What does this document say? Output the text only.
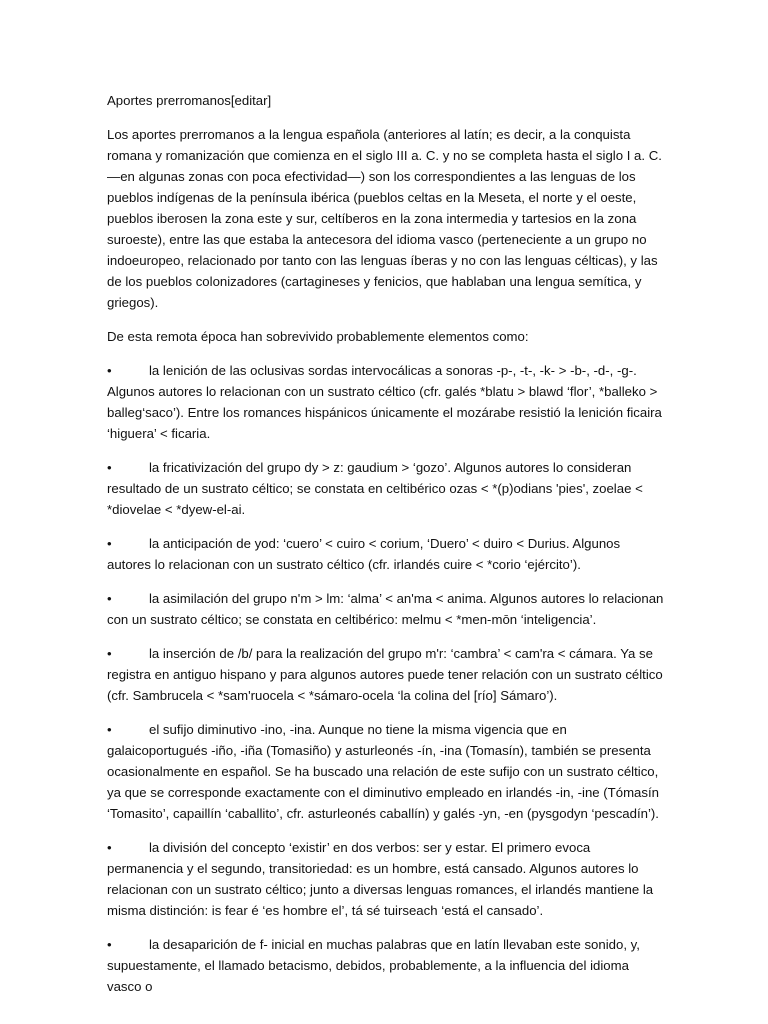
Aportes prerromanos[editar]
Los aportes prerromanos a la lengua española (anteriores al latín; es decir, a la conquista romana y romanización que comienza en el siglo III a. C. y no se completa hasta el siglo I a. C. —en algunas zonas con poca efectividad—) son los correspondientes a las lenguas de los pueblos indígenas de la península ibérica (pueblos celtas en la Meseta, el norte y el oeste, pueblos iberosen la zona este y sur, celtíberos en la zona intermedia y tartesios en la zona suroeste), entre las que estaba la antecesora del idioma vasco (perteneciente a un grupo no indoeuropeo, relacionado por tanto con las lenguas íberas y no con las lenguas célticas), y las de los pueblos colonizadores (cartagineses y fenicios, que hablaban una lengua semítica, y griegos).
De esta remota época han sobrevivido probablemente elementos como:
•	la lenición de las oclusivas sordas intervocálicas a sonoras -p-, -t-, -k- > -b-, -d-, -g-. Algunos autores lo relacionan con un sustrato céltico (cfr. galés *blatu > blawd ‘flor’, *balleko > balleg‘saco’). Entre los romances hispánicos únicamente el mozárabe resistió la lenición ficaira ‘higuera’ < ficaria.
•	la fricativización del grupo dy > z: gaudium > ‘gozo’. Algunos autores lo consideran resultado de un sustrato céltico; se constata en celtibérico ozas < *(p)odians 'pies', zoelae < *diovelae < *dyew-el-ai.
•	la anticipación de yod: ‘cuero’ < cuiro < corium, ‘Duero’ < duiro < Durius. Algunos autores lo relacionan con un sustrato céltico (cfr. irlandés cuire < *corio ‘ejército’).
•	la asimilación del grupo n'm > lm: ‘alma’ < an'ma < anima. Algunos autores lo relacionan con un sustrato céltico; se constata en celtibérico: melmu < *men-mōn ‘inteligencia’.
•	la inserción de /b/ para la realización del grupo m'r: ‘cambra’ < cam'ra < cámara. Ya se registra en antiguo hispano y para algunos autores puede tener relación con un sustrato céltico (cfr. Sambrucela < *sam'ruocela < *sámaro-ocela ‘la colina del [río] Sámaro’).
•	el sufijo diminutivo -ino, -ina. Aunque no tiene la misma vigencia que en galaicoportugués -iño, -iña (Tomasiño) y asturleonés -ín, -ina (Tomasín), también se presenta ocasionalmente en español. Se ha buscado una relación de este sufijo con un sustrato céltico, ya que se corresponde exactamente con el diminutivo empleado en irlandés -in, -ine (Tómasín ‘Tomasito’, capaillín ‘caballito’, cfr. asturleonés caballín) y galés -yn, -en (pysgodyn ‘pescadín’).
•	la división del concepto ‘existir’ en dos verbos: ser y estar. El primero evoca permanencia y el segundo, transitoriedad: es un hombre, está cansado. Algunos autores lo relacionan con un sustrato céltico; junto a diversas lenguas romances, el irlandés mantiene la misma distinción: is fear é ‘es hombre el’, tá sé tuirseach ‘está el cansado’.
•	la desaparición de f- inicial en muchas palabras que en latín llevaban este sonido, y, supuestamente, el llamado betacismo, debidos, probablemente, a la influencia del idioma vasco o
